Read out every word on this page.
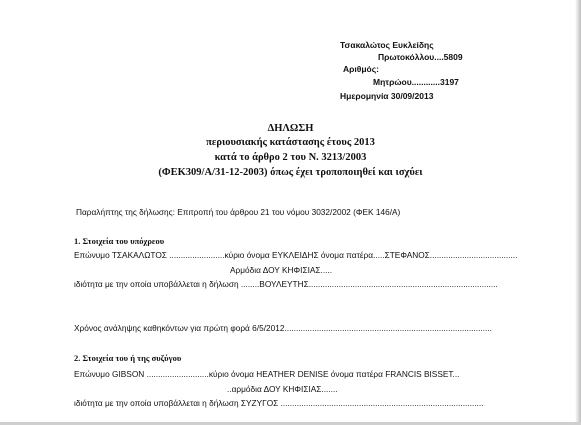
Τσακαλώτος Ευκλείδης
Πρωτοκόλλου....5809
Αριθμός:
Μητρώου............3197
Ημερομηνία 30/09/2013
ΔΗΛΩΣΗ
περιουσιακής κατάστασης έτους 2013
κατά το άρθρο 2 του Ν. 3213/2003
(ΦΕΚ309/Α/31-12-2003) όπως έχει τροποποιηθεί και ισχύει
Παραλήπτης της δήλωσης: Επιτροπή του άρθρου 21 του νόμου 3032/2002 (ΦΕΚ 146/Α)
1. Στοιχεία του υπόχρεου
Επώνυμο ΤΣΑΚΑΛΩΤΟΣ ........................κύριο όνομα ΕΥΚΛΕΙΔΗΣ όνομα πατέρα.....ΣΤΕΦΑΝΟΣ......................................
Αρμόδια ΔΟΥ ΚΗΦΙΣΙΑΣ.....
ιδιότητα με την οποία υποβάλλεται η δήλωση ........ΒΟΥΛΕΥΤΗΣ..................................................................................
Χρόνος ανάληψης καθηκόντων για πρώτη φορά 6/5/2012..........................................................................................
2. Στοιχεία του ή της συζύγου
Επώνυμο GIBSON ...........................κύριο όνομα HEATHER DENISE όνομα πατέρα FRANCIS BISSET...
..αρμόδια ΔΟΥ ΚΗΦΙΣΙΑΣ.......
ιδιότητα με την οποία υποβάλλεται η δήλωση ΣΥΖΥΓΟΣ ........................................................................................
